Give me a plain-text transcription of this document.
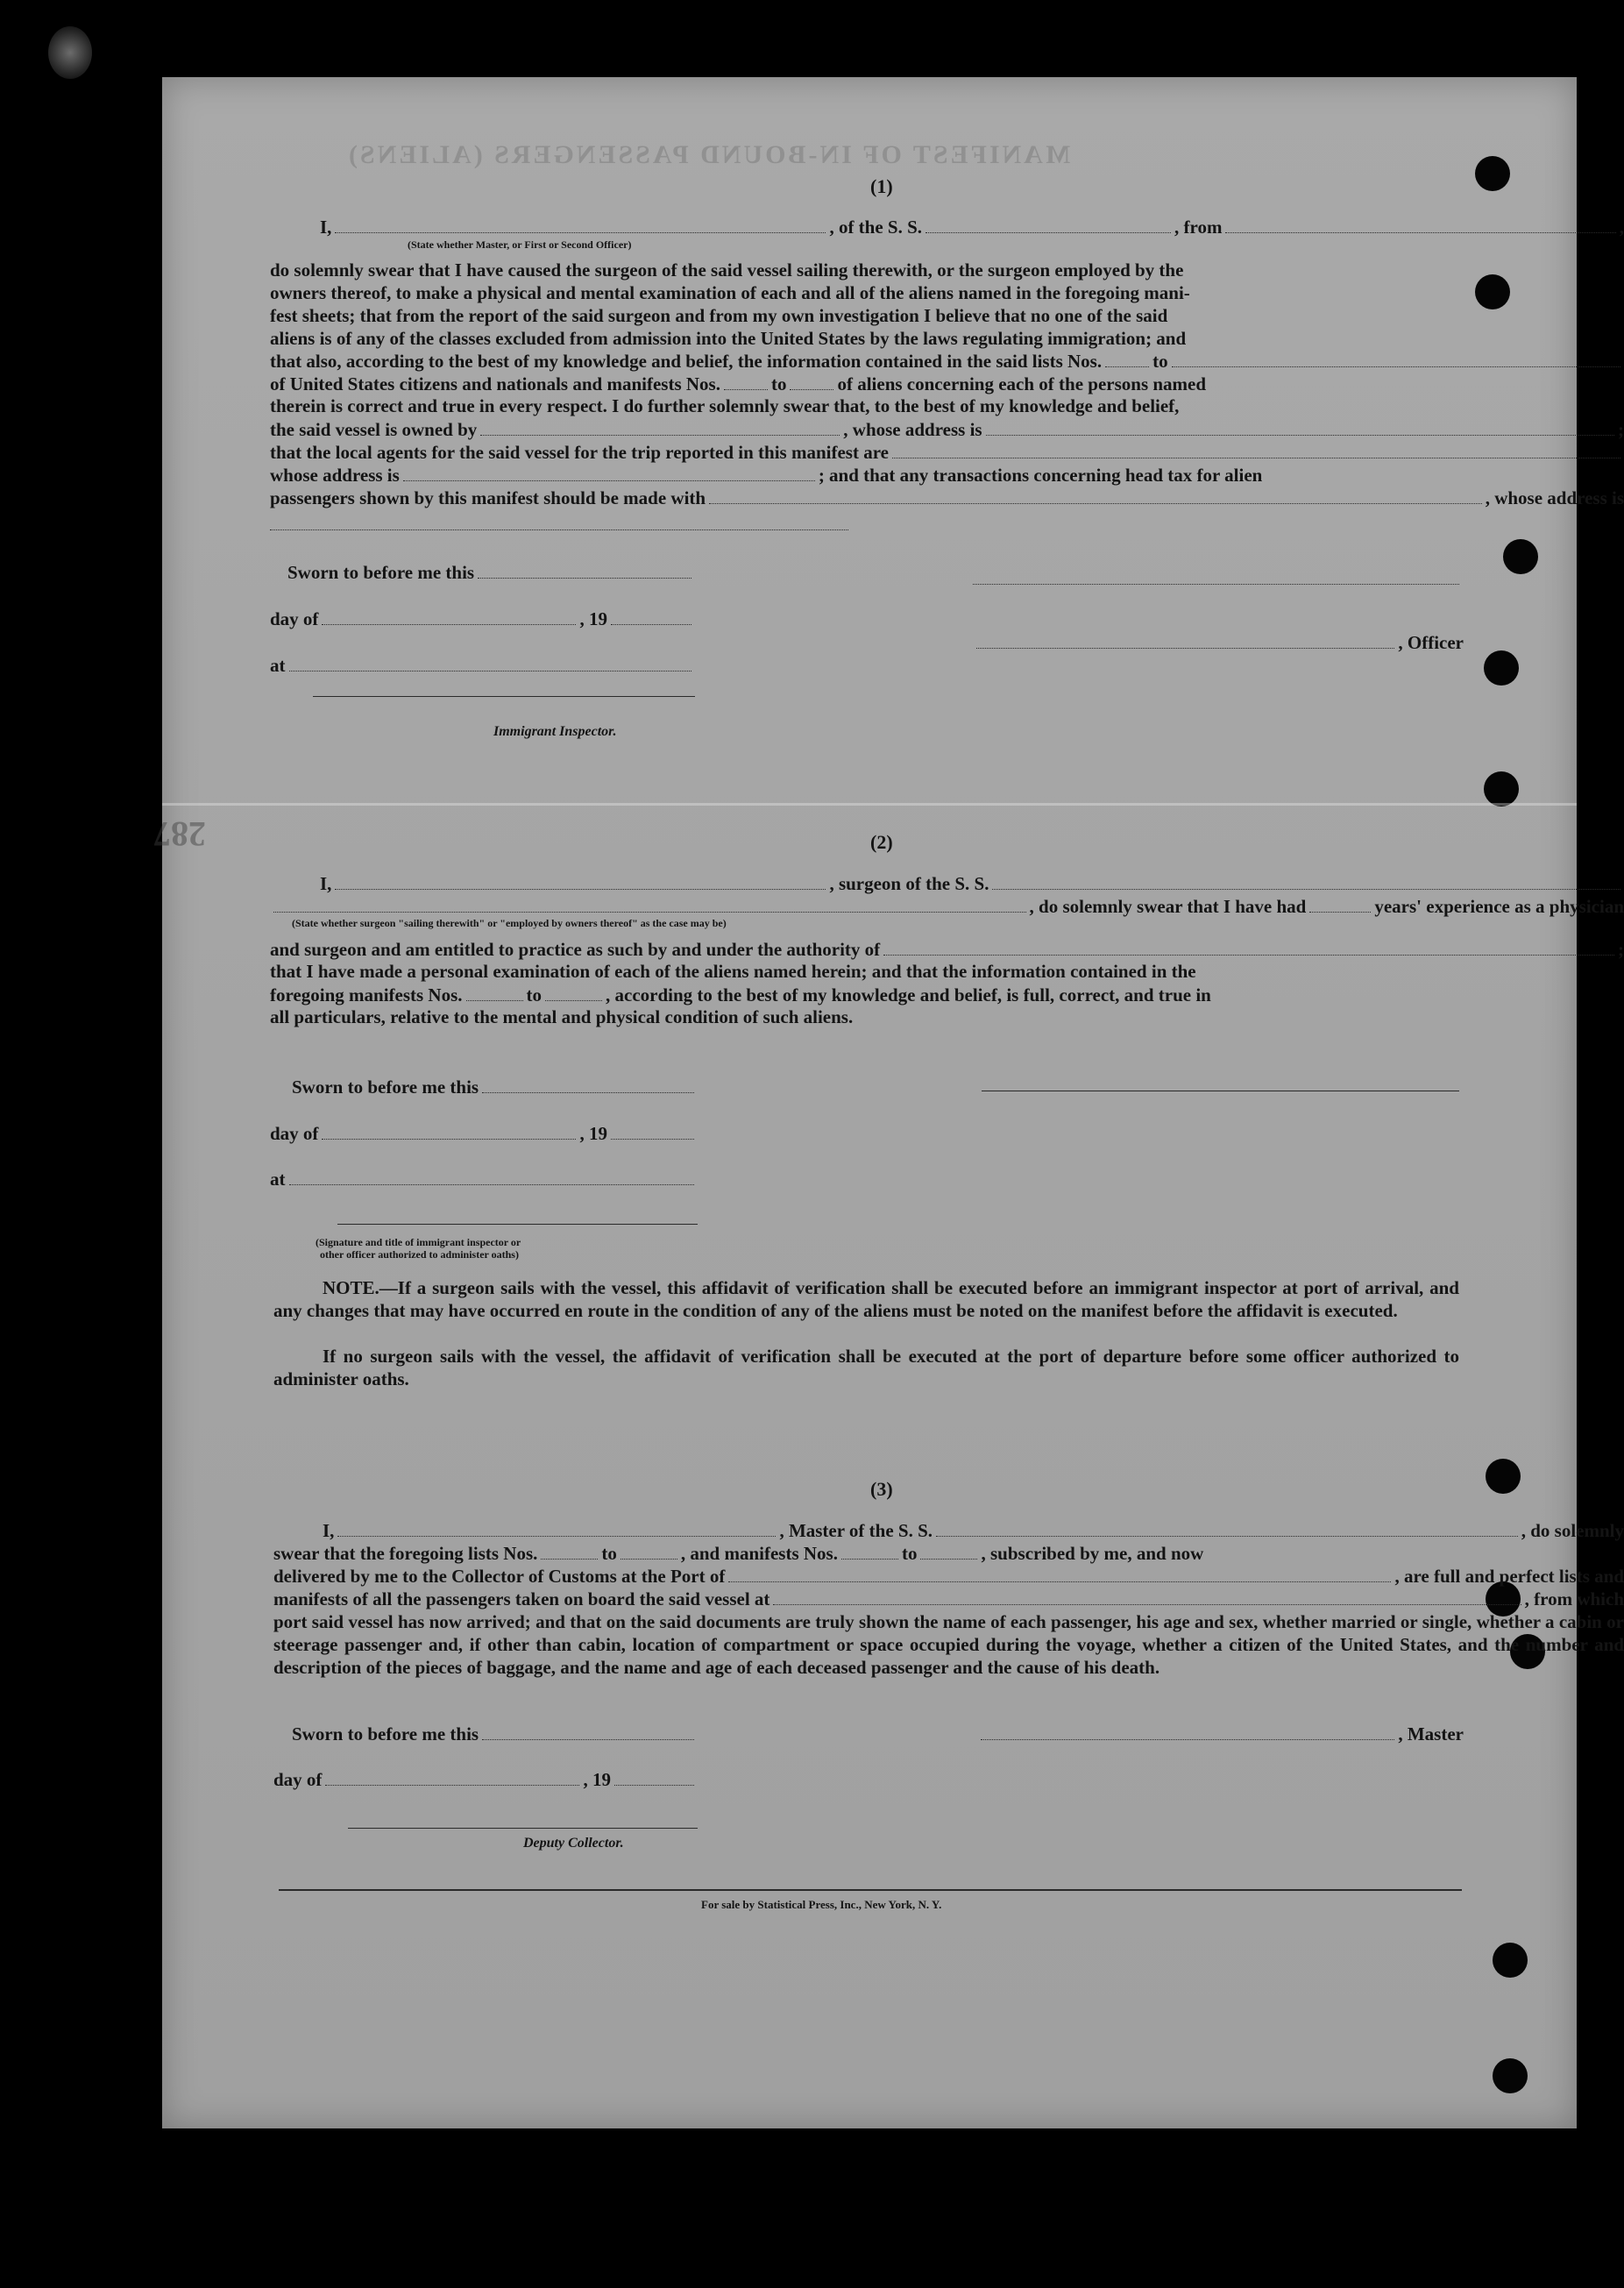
MANIFEST OF IN-BOUND PASSENGERS (ALIENS)
287
(1)
I,	, of the S. S.	, from	,
(State whether Master, or First or Second Officer)
do solemnly swear that I have caused the surgeon of the said vessel sailing therewith, or the surgeon employed by the
owners thereof, to make a physical and mental examination of each and all of the aliens named in the foregoing mani-
fest sheets; that from the report of the said surgeon and from my own investigation I believe that no one of the said
aliens is of any of the classes excluded from admission into the United States by the laws regulating immigration; and
that also, according to the best of my knowledge and belief, the information contained in the said lists Nos.	to
of United States citizens and nationals and manifests Nos.	to	of aliens concerning each of the persons named
therein is correct and true in every respect. I do further solemnly swear that, to the best of my knowledge and belief,
the said vessel is owned by	, whose address is	;
that the local agents for the said vessel for the trip reported in this manifest are
whose address is	; and that any transactions concerning head tax for alien
passengers shown by this manifest should be made with	, whose address is
Sworn to before me this
day of	, 19
, Officer
at
Immigrant Inspector.
(2)
I,	, surgeon of the S. S.
, do solemnly swear that I have had	years' experience as a physician
(State whether surgeon "sailing therewith" or "employed by owners thereof" as the case may be)
and surgeon and am entitled to practice as such by and under the authority of	;
that I have made a personal examination of each of the aliens named herein; and that the information contained in the
foregoing manifests Nos.	to	, according to the best of my knowledge and belief, is full, correct, and true in
all particulars, relative to the mental and physical condition of such aliens.
Sworn to before me this
day of	, 19
at
(Signature and title of immigrant inspector or
other officer authorized to administer oaths)
NOTE.—If a surgeon sails with the vessel, this affidavit of verification shall be executed before an immigrant inspector at port of arrival, and any changes that may have occurred en route in the condition of any of the aliens must be noted on the manifest before the affidavit is executed.
If no surgeon sails with the vessel, the affidavit of verification shall be executed at the port of departure before some officer authorized to administer oaths.
(3)
I,	, Master of the S. S.	, do solemnly
swear that the foregoing lists Nos.	to	, and manifests Nos.	to	, subscribed by me, and now
delivered by me to the Collector of Customs at the Port of	, are full and perfect lists and
manifests of all the passengers taken on board the said vessel at	, from which
port said vessel has now arrived; and that on the said documents are truly shown the name of each passenger, his age and sex, whether married or single, whether a cabin or steerage passenger and, if other than cabin, location of compartment or space occupied during the voyage, whether a citizen of the United States, and the number and description of the pieces of baggage, and the name and age of each deceased passenger and the cause of his death.
Sworn to before me this	, Master
day of	, 19
Deputy Collector.
For sale by Statistical Press, Inc., New York, N. Y.
